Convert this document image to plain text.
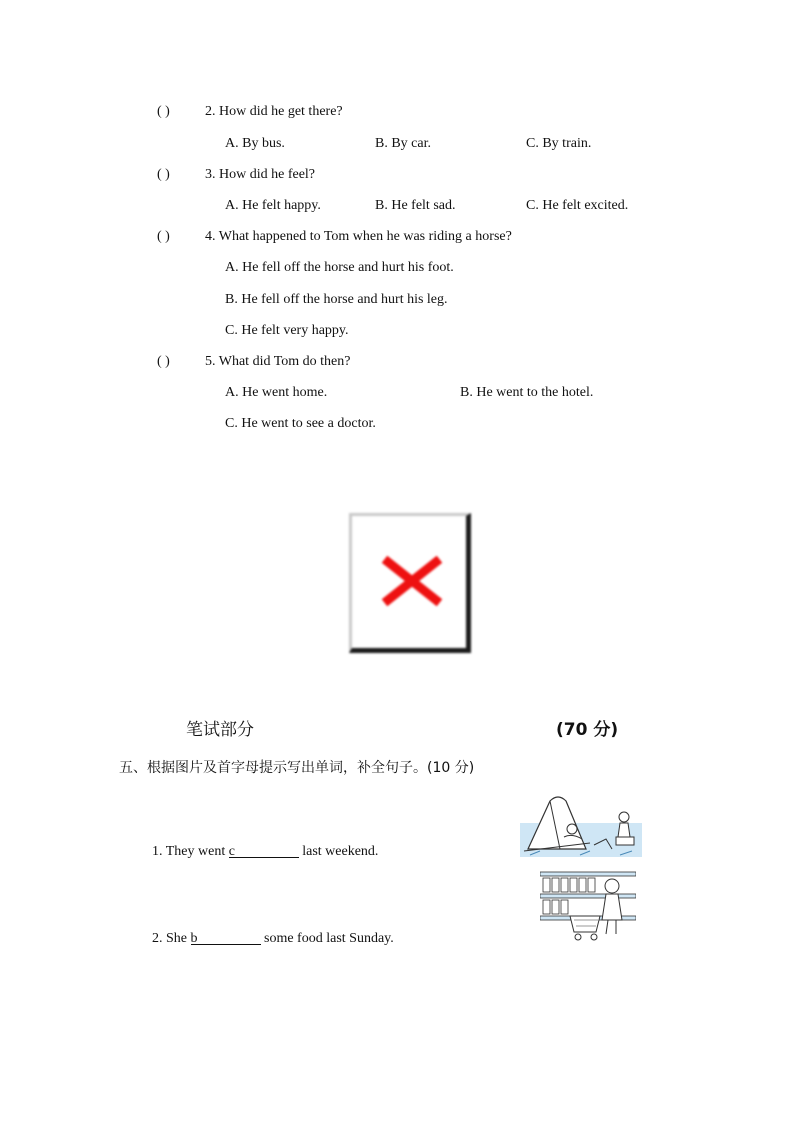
( )	2. How did he get there?
A. By bus.	B. By car.	C. By train.
( )	3. How did he feel?
A. He felt happy.	B. He felt sad.	C. He felt excited.
( )	4. What happened to Tom when he was riding a horse?
A. He fell off the horse and hurt his foot.
B. He fell off the horse and hurt his leg.
C. He felt very happy.
( )	5. What did Tom do then?
A. He went home.	B. He went to the hotel.
C. He went to see a doctor.
笔试部分	(70 分)
五、根据图片及首字母提示写出单词，补全句子。(10 分)
1. They went c	last weekend.
2. She b	some food last Sunday.
